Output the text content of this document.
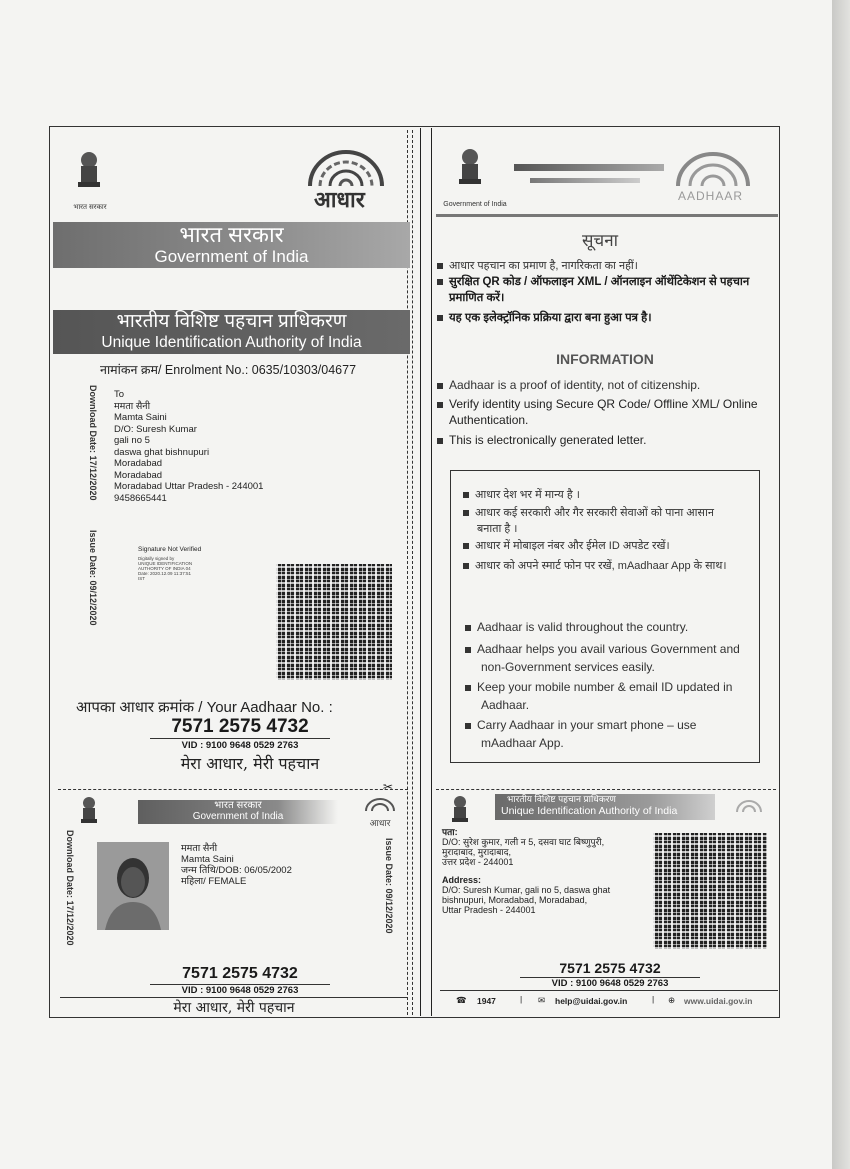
भारत सरकार	आधार
भारत सरकार
Government of India
भारतीय विशिष्ट पहचान प्राधिकरण
Unique Identification Authority of India
नामांकन क्रम/ Enrolment No.: 0635/10303/04677
Download Date: 17/12/2020
Issue Date: 09/12/2020
To
ममता सैनी
Mamta Saini
D/O: Suresh Kumar
gali no 5
daswa ghat bishnupuri
Moradabad
Moradabad
Moradabad Uttar Pradesh - 244001
9458665441
Signature Not Verified
Digitally signed by
UNIQUE IDENTIFICATION
AUTHORITY OF INDIA 04
Date: 2020.12.09 11:37:51
IST
आपका आधार क्रमांक / Your Aadhaar No. :
7571 2575 4732
VID : 9100 9648 0529 2763
मेरा आधार, मेरी पहचान
✂
भारत सरकार
Government of India
आधार
Download Date: 17/12/2020	Issue Date: 09/12/2020
ममता सैनी
Mamta Saini
जन्म तिथि/DOB: 06/05/2002
महिला/ FEMALE
7571 2575 4732
VID : 9100 9648 0529 2763
मेरा आधार, मेरी पहचान
Government of India
AADHAAR
सूचना
आधार पहचान का प्रमाण है, नागरिकता का नहीं।
सुरक्षित QR कोड / ऑफलाइन XML / ऑनलाइन ऑथेंटिकेशन से पहचान प्रमाणित करें।
यह एक इलेक्ट्रॉनिक प्रक्रिया द्वारा बना हुआ पत्र है।
INFORMATION
Aadhaar is a proof of identity, not of citizenship.
Verify identity using Secure QR Code/ Offline XML/ Online Authentication.
This is electronically generated letter.
आधार देश भर में मान्य है ।
आधार कई सरकारी और गैर सरकारी सेवाओं को पाना आसान बनाता है ।
आधार में मोबाइल नंबर और ईमेल ID अपडेट रखें।
आधार को अपने स्मार्ट फोन पर रखें, mAadhaar App के साथ।
Aadhaar is valid throughout the country.
Aadhaar helps you avail various Government and non-Government services easily.
Keep your mobile number & email ID updated in Aadhaar.
Carry Aadhaar in your smart phone – use mAadhaar App.
भारतीय विशिष्ट पहचान प्राधिकरण
Unique Identification Authority of India
पता:
D/O: सुरेश कुमार, गली न 5, दसवा घाट बिष्णुपुरी,
मुरादाबाद, मुरादाबाद,
उत्तर प्रदेश - 244001
Address:
D/O: Suresh Kumar, gali no 5, daswa ghat
bishnupuri, Moradabad, Moradabad,
Uttar Pradesh - 244001
7571 2575 4732
VID : 9100 9648 0529 2763
☎ 1947	| ✉ help@uidai.gov.in	| ⊕ www.uidai.gov.in
